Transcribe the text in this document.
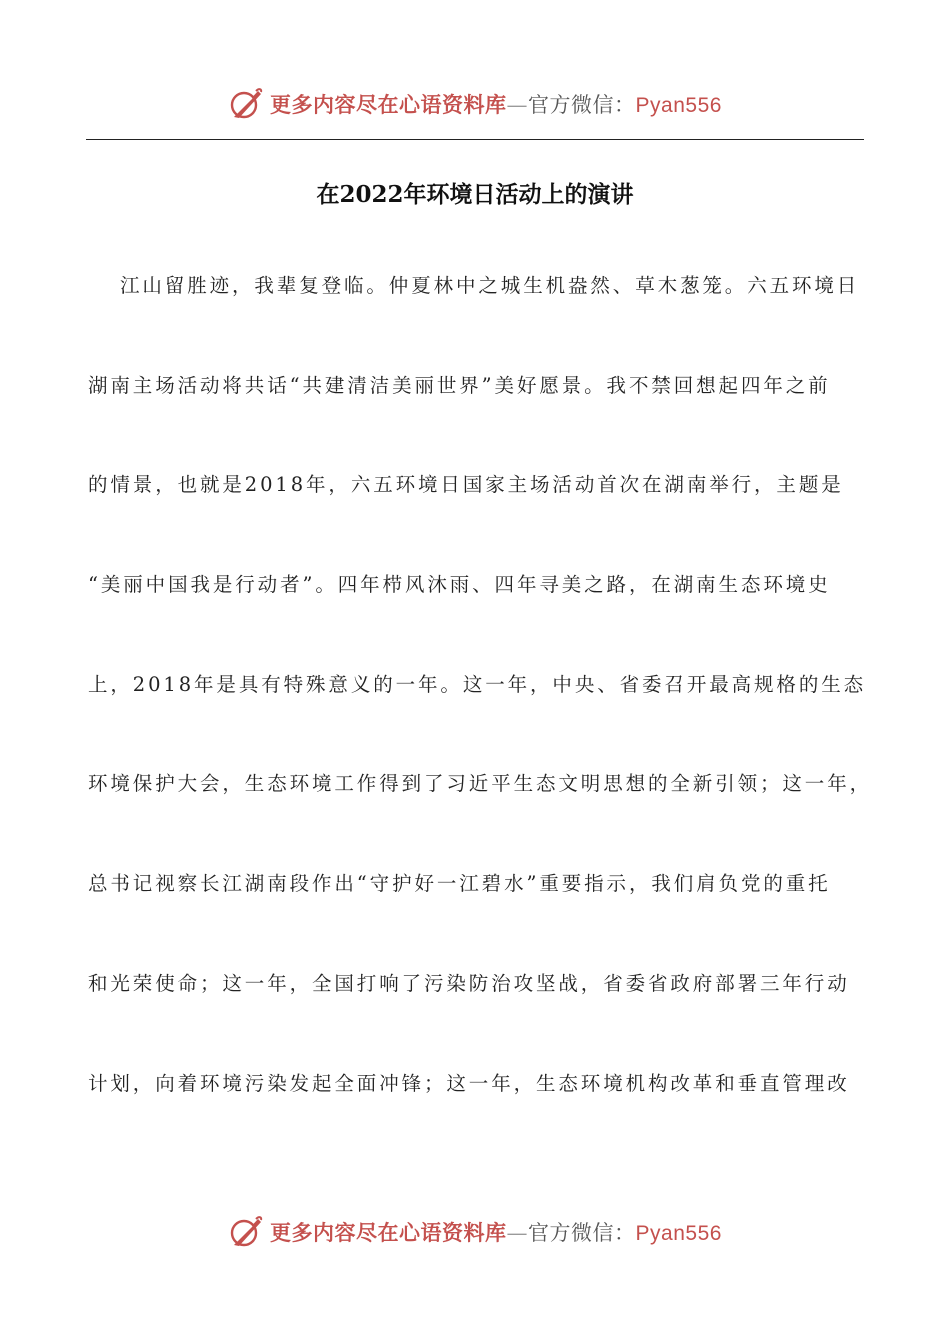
更多内容尽在心语资料库—官方微信：Pyan556
在2022年环境日活动上的演讲
江山留胜迹，我辈复登临。仲夏林中之城生机盎然、草木葱笼。六五环境日
湖南主场活动将共话“共建清洁美丽世界”美好愿景。我不禁回想起四年之前
的情景，也就是2018年，六五环境日国家主场活动首次在湖南举行，主题是
“美丽中国我是行动者”。四年栉风沐雨、四年寻美之路，在湖南生态环境史
上，2018年是具有特殊意义的一年。这一年，中央、省委召开最高规格的生态
环境保护大会，生态环境工作得到了习近平生态文明思想的全新引领；这一年，
总书记视察长江湖南段作出“守护好一江碧水”重要指示，我们肩负党的重托
和光荣使命；这一年，全国打响了污染防治攻坚战，省委省政府部署三年行动
计划，向着环境污染发起全面冲锋；这一年，生态环境机构改革和垂直管理改
更多内容尽在心语资料库—官方微信：Pyan556
